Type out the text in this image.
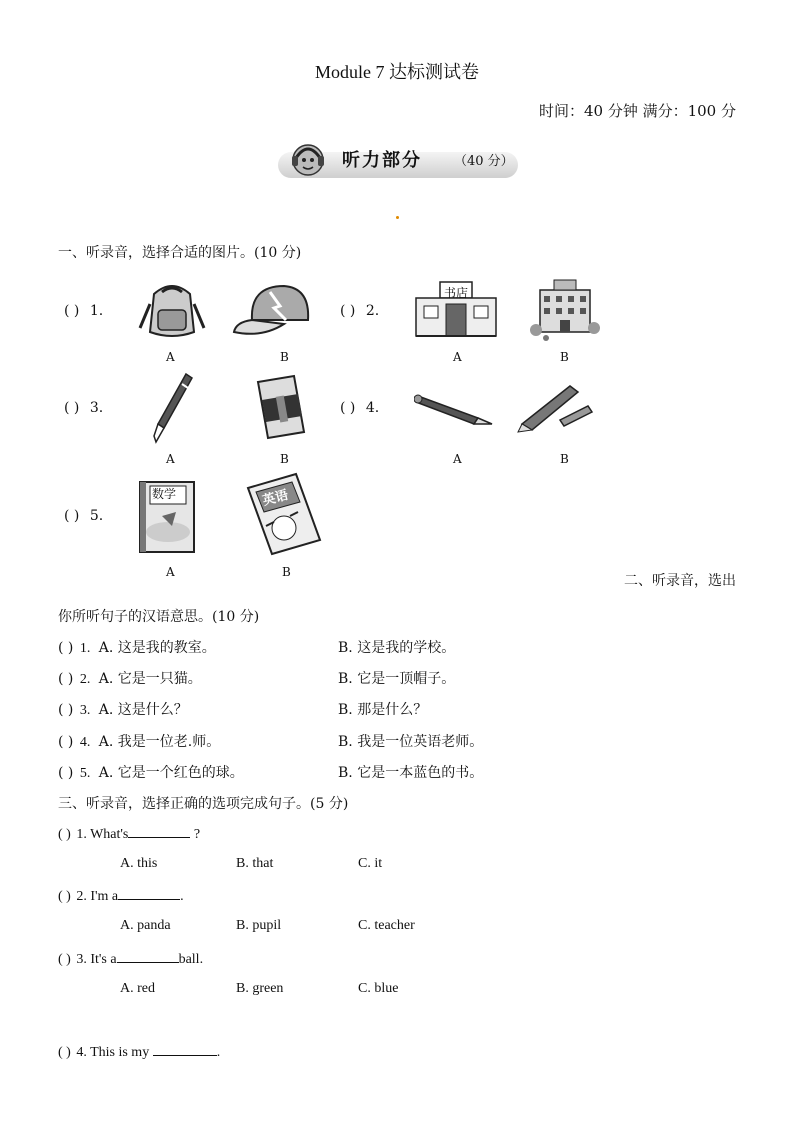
Module 7 达标测试卷
时间：40 分钟 满分：100 分
听力部分 （40 分）
一、听录音，选择合适的图片。(10 分)
( ) 1.
A	B
( ) 2.
书店
A	B
( ) 3.
A	B
( ) 4.
A	B
( ) 5.
数学
A
英语
B
二、听录音，选出
你所听句子的汉语意思。(10 分)
( ) 1. A. 这是我的教室。	B. 这是我的学校。
( ) 2. A. 它是一只猫。	B. 它是一顶帽子。
( ) 3. A. 这是什么？	B. 那是什么？
( ) 4. A. 我是一位老.师。	B. 我是一位英语老师。
( ) 5. A. 它是一个红色的球。	B. 它是一本蓝色的书。
三、听录音，选择正确的选项完成句子。(5 分)
( ) 1. What's	?
A. this	B. that	C. it
( ) 2. I'm a	.
A. panda	B. pupil	C. teacher
( ) 3. It's a	ball.
A. red	B. green	C. blue
( ) 4. This is my	.
